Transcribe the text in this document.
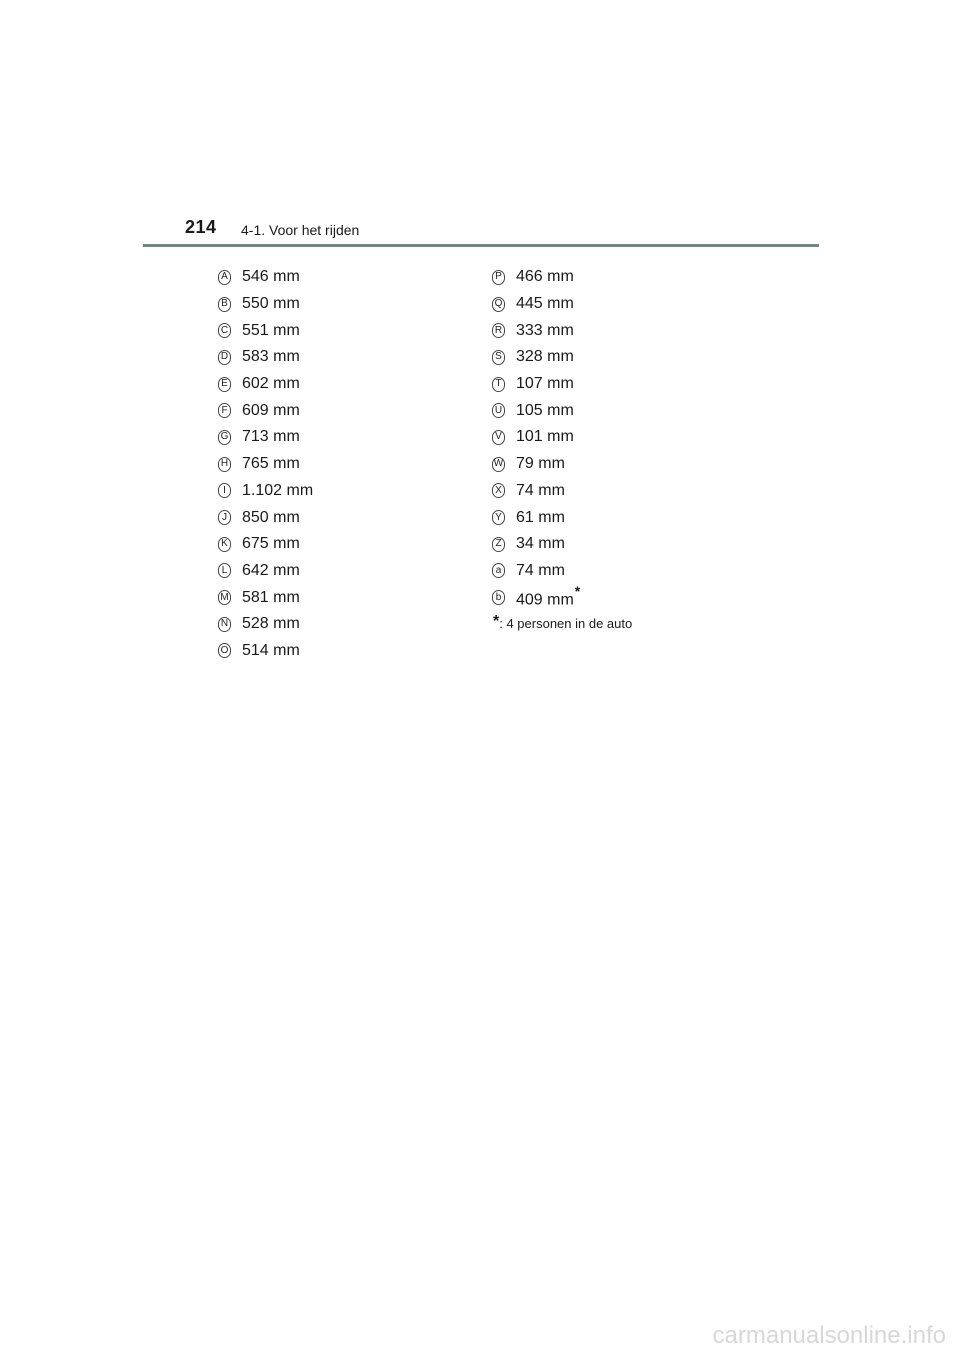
214 4-1. Voor het rijden
A 546 mm
B 550 mm
C 551 mm
D 583 mm
E 602 mm
F 609 mm
G 713 mm
H 765 mm
I	1.102 mm
J 850 mm
K 675 mm
L 642 mm
M 581 mm
N 528 mm
O 514 mm
P 466 mm
Q 445 mm
R 333 mm
S 328 mm
T 107 mm
U 105 mm
V 101 mm
W 79 mm
X 74 mm
Y 61 mm
Z 34 mm
a 74 mm
b 409 mm*
*: 4 personen in de auto
carmanualsonline.info
